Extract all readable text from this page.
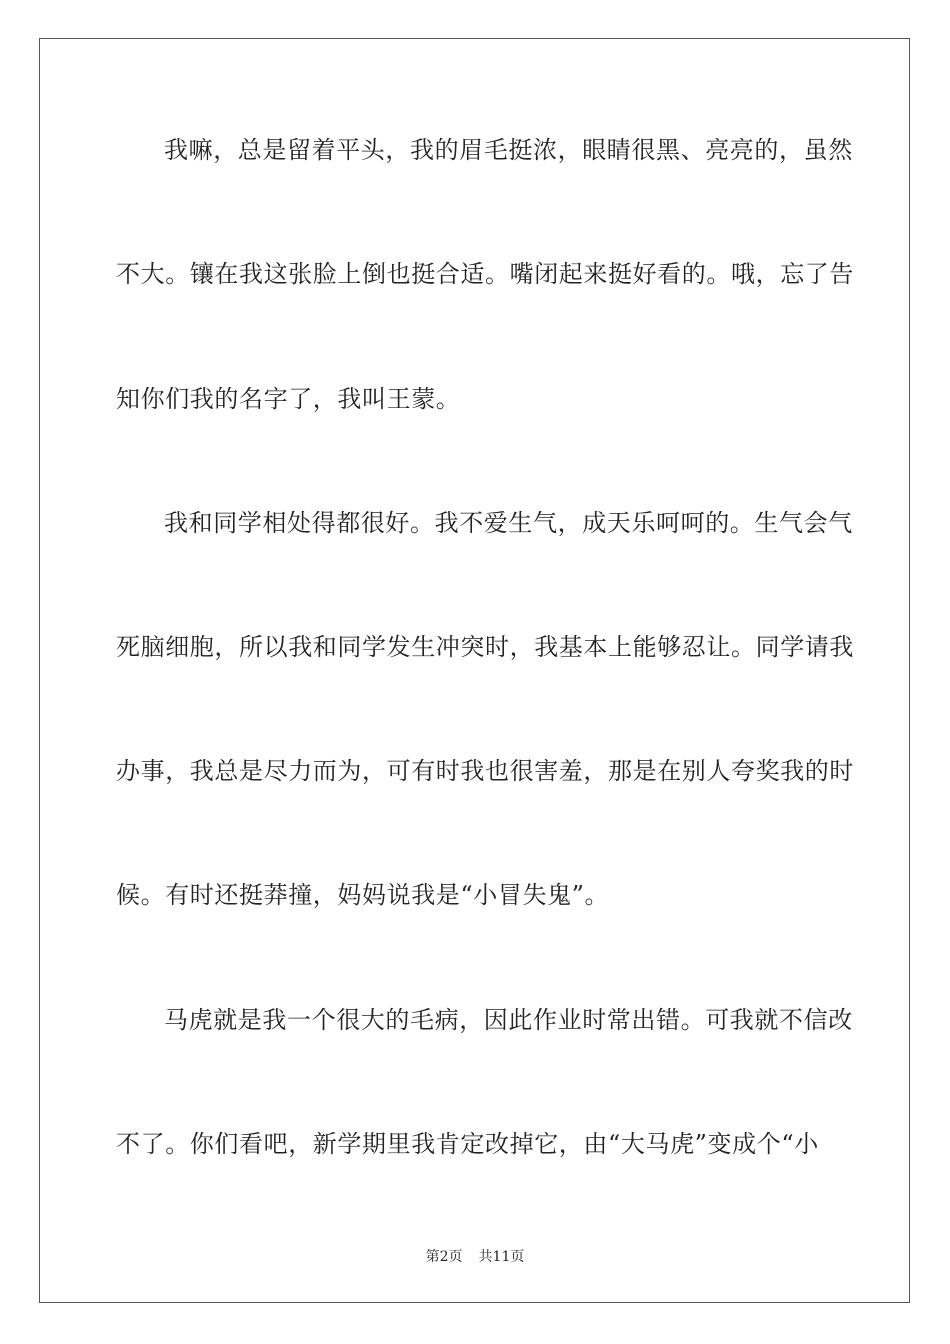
我嘛，总是留着平头，我的眉毛挺浓，眼睛很黑、亮亮的，虽然
不大。镶在我这张脸上倒也挺合适。嘴闭起来挺好看的。哦，忘了告
知你们我的名字了，我叫王蒙。
我和同学相处得都很好。我不爱生气，成天乐呵呵的。生气会气
死脑细胞，所以我和同学发生冲突时，我基本上能够忍让。同学请我
办事，我总是尽力而为，可有时我也很害羞，那是在别人夸奖我的时
候。有时还挺莽撞，妈妈说我是“小冒失鬼”。
马虎就是我一个很大的毛病，因此作业时常出错。可我就不信改
不了。你们看吧，新学期里我肯定改掉它，由“大马虎”变成个“小
第2页 共11页
